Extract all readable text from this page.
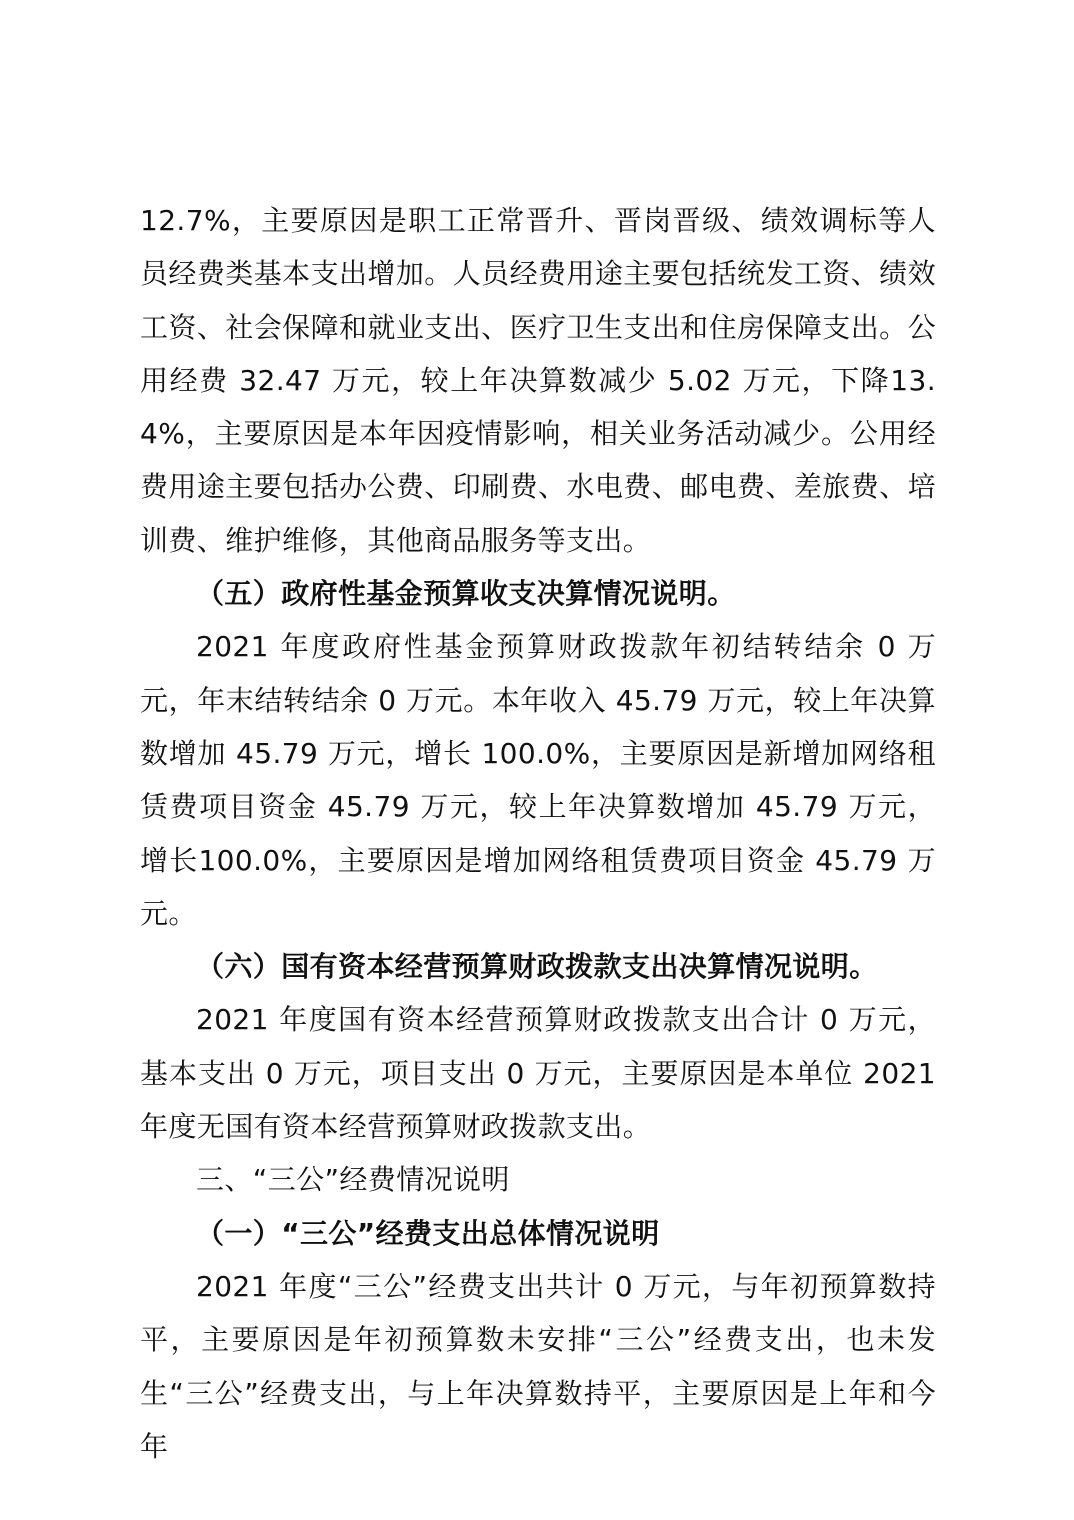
12.7%，主要原因是职工正常晋升、晋岗晋级、绩效调标等人员经费类基本支出增加。人员经费用途主要包括统发工资、绩效工资、社会保障和就业支出、医疗卫生支出和住房保障支出。公用经费 32.47 万元，较上年决算数减少 5.02 万元，下降13.4%，主要原因是本年因疫情影响，相关业务活动减少。公用经费用途主要包括办公费、印刷费、水电费、邮电费、差旅费、培训费、维护维修，其他商品服务等支出。

（五）政府性基金预算收支决算情况说明。

2021 年度政府性基金预算财政拨款年初结转结余 0 万元，年末结转结余 0 万元。本年收入 45.79 万元，较上年决算数增加 45.79 万元，增长 100.0%，主要原因是新增加网络租赁费项目资金 45.79 万元，较上年决算数增加 45.79 万元，增长100.0%，主要原因是增加网络租赁费项目资金 45.79 万元。

（六）国有资本经营预算财政拨款支出决算情况说明。

2021 年度国有资本经营预算财政拨款支出合计 0 万元，基本支出 0 万元，项目支出 0 万元，主要原因是本单位 2021 年度无国有资本经营预算财政拨款支出。

三、“三公”经费情况说明

（一）“三公”经费支出总体情况说明

2021 年度“三公”经费支出共计 0 万元，与年初预算数持平，主要原因是年初预算数未安排“三公”经费支出，也未发生“三公”经费支出，与上年决算数持平，主要原因是上年和今年
